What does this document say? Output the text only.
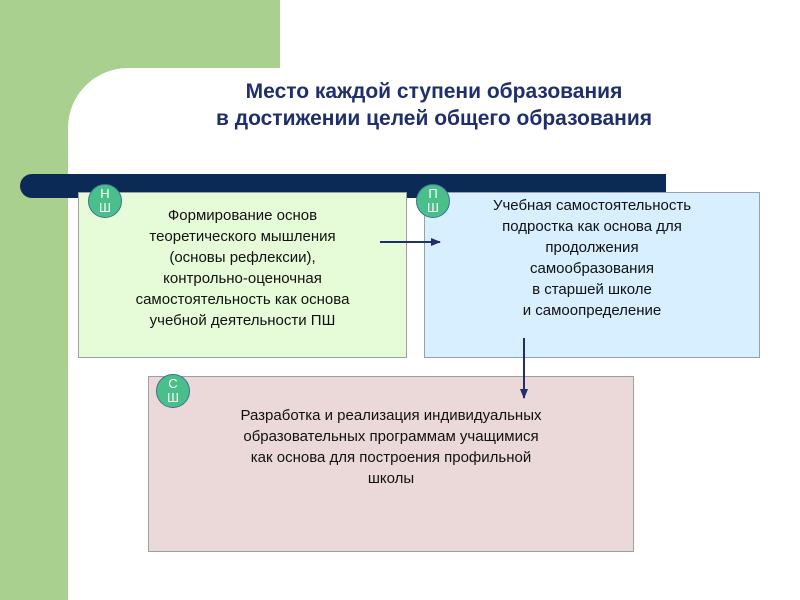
Место каждой ступени образования
в достижении целей общего образования
Формирование основ
теоретического мышления
(основы рефлексии),
контрольно-оценочная
самостоятельность как основа
учебной деятельности ПШ
Учебная самостоятельность
подростка как основа для
продолжения
самообразования
в старшей школе
и самоопределение
Разработка и реализация индивидуальных
образовательных программам учащимися
как основа для построения профильной
школы
Н
Ш
П
Ш
С
Ш
